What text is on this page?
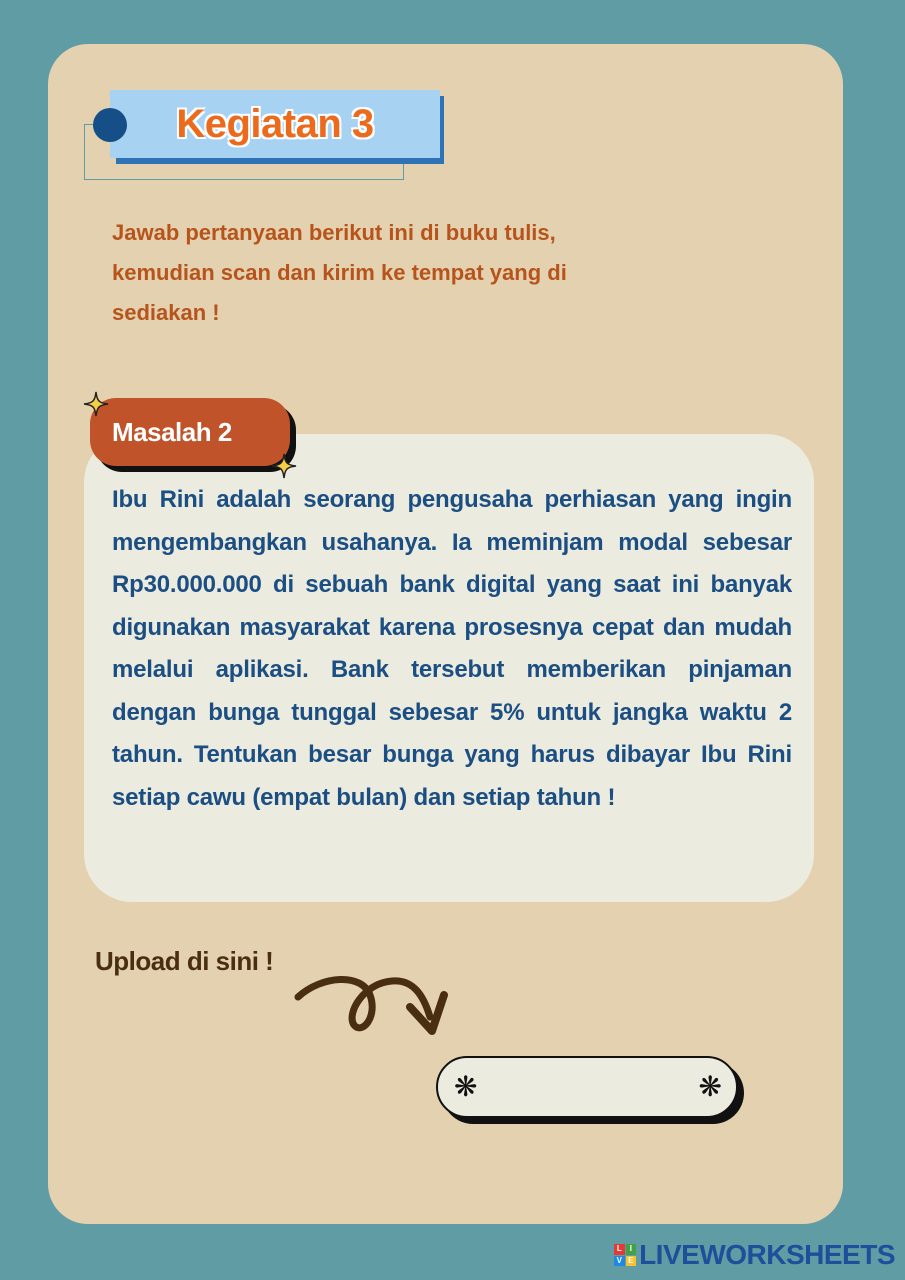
Kegiatan 3
Jawab pertanyaan berikut ini di buku tulis, kemudian scan dan kirim ke tempat yang di sediakan !
Masalah 2
Ibu Rini adalah seorang pengusaha perhiasan yang ingin mengembangkan usahanya. Ia meminjam modal sebesar Rp30.000.000 di sebuah bank digital yang saat ini banyak digunakan masyarakat karena prosesnya cepat dan mudah melalui aplikasi. Bank tersebut memberikan pinjaman dengan bunga tunggal sebesar 5% untuk jangka waktu 2 tahun. Tentukan besar bunga yang harus dibayar Ibu Rini setiap cawu (empat bulan) dan setiap tahun !
Upload di sini !
❋	❋
L I
V E LIVEWORKSHEETS
